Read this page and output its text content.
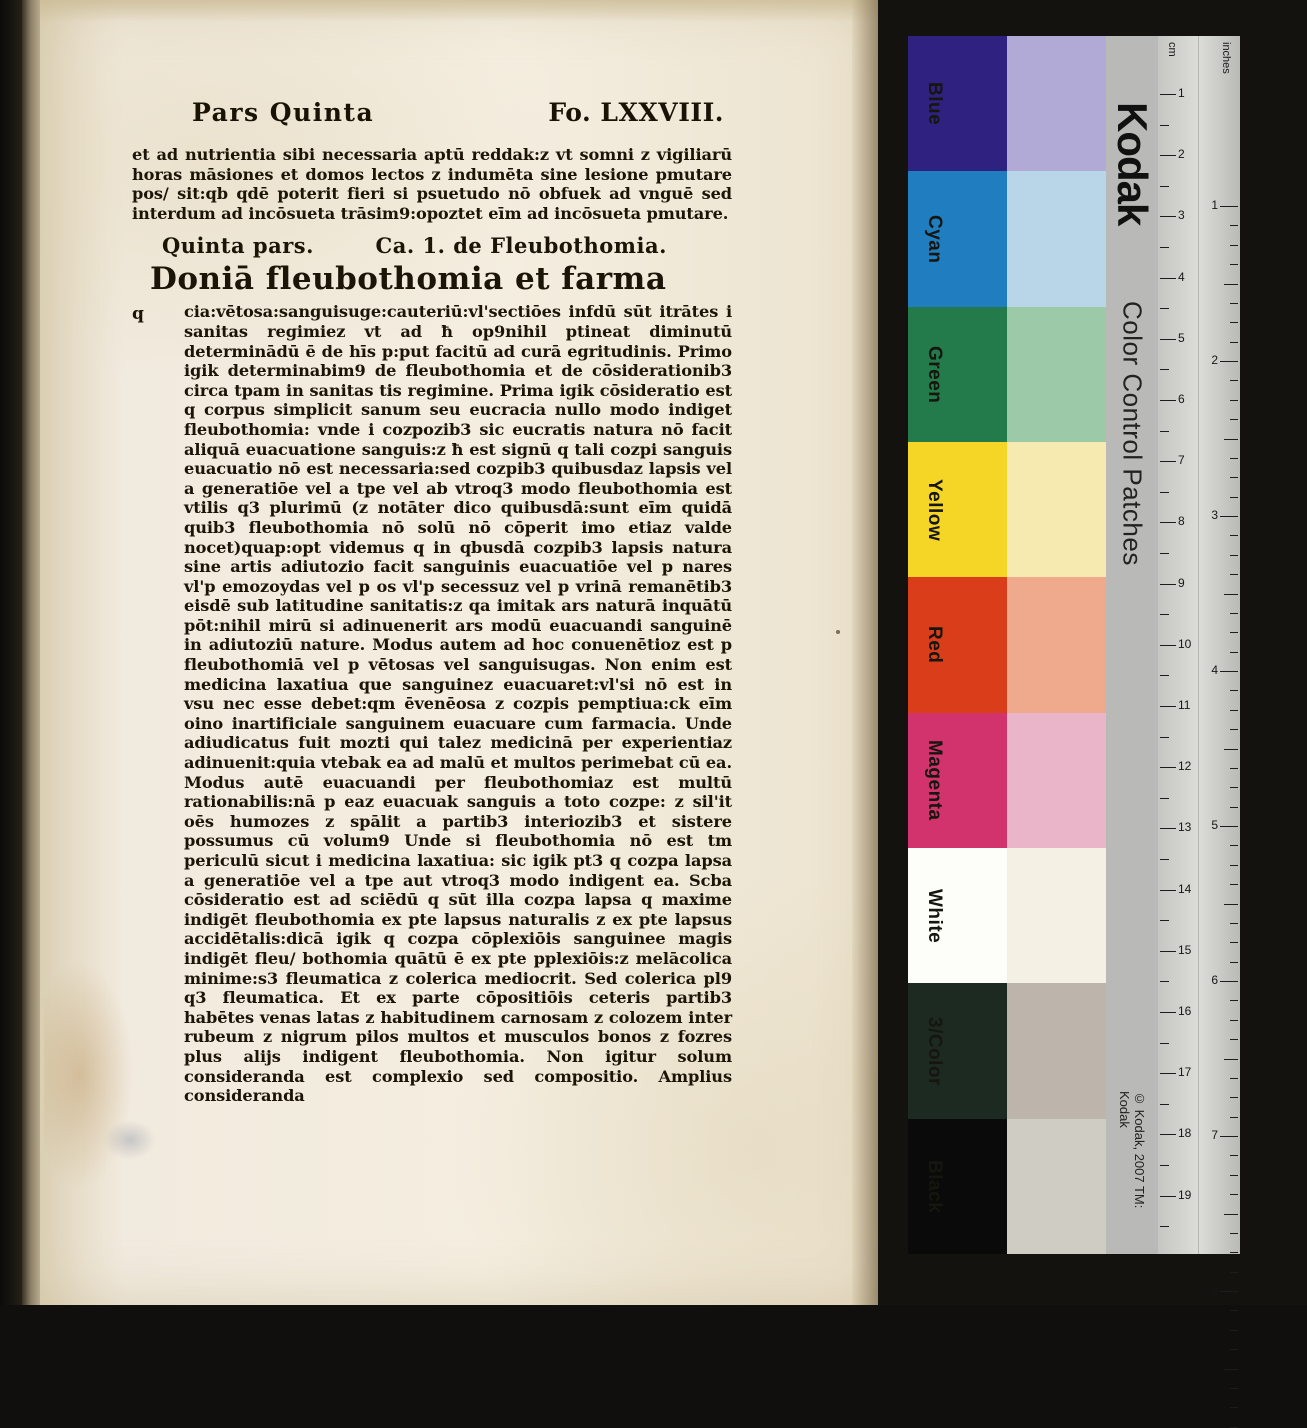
Pars Quinta	Fo. LXXVIII.

et ad nutrientia sibi necessaria aptū reddak:z vt somni z vigiliarū horas māsiones et domos lectos z indumēta sine lesione pmutare pos/ sit:qb qdē poterit fieri si psuetudo nō obfuek ad vnguē sed interdum ad incōsueta trāsim9:opoztet eīm ad incōsueta pmutare.

Quinta pars.	Ca. 1. de Fleubothomia.
Doniā fleubothomia et farma
q	cia:vētosa:sanguisuge:cauteriū:vl'sectiōes infdū sūt itrātes i sanitas regimiez vt ad ħ op9nihil ptineat diminutū determinādū ē de hīs p:put facitū ad curā egritudinis. Primo igik determinabim9 de fleubothomia et de cōsiderationib3 circa tpam in sanitas tis regimine. Prima igik cōsideratio est q corpus simplicit sanum seu eucracia nullo modo indiget fleubothomia: vnde i cozpozib3 sic eucratis natura nō facit aliquā euacuatione sanguis:z ħ est signū q tali cozpi sanguis euacuatio nō est necessaria:sed cozpib3 quibusdaz lapsis vel a generatiōe vel a tpe vel ab vtroq3 modo fleubothomia est vtilis q3 plurimū (z notāter dico quibusdā:sunt eīm quidā quib3 fleubothomia nō solū nō cōperit imo etiaz valde nocet)quap:opt videmus q in qbusdā cozpib3 lapsis natura sine artis adiutozio facit sanguinis euacuatiōe vel p nares vl'p emozoydas vel p os vl'p secessuz vel p vrinā remanētib3 eisdē sub latitudine sanitatis:z qa imitak ars naturā inquātū pōt:nihil mirū si adinuenerit ars modū euacuandi sanguinē in adiutoziū nature. Modus autem ad hoc conuenētioz est p fleubothomiā vel p vētosas vel sanguisugas. Non enim est medicina laxatiua que sanguinez euacuaret:vl'si nō est in vsu nec esse debet:qm ēvenēosa z cozpis pemptiua:ck eīm oino inartificiale sanguinem euacuare cum farmacia. Unde adiudicatus fuit mozti qui talez medicinā per experientiaz adinuenit:quia vtebak ea ad malū et multos perimebat cū ea. Modus autē euacuandi per fleubothomiaz est multū rationabilis:nā p eaz euacuak sanguis a toto cozpe: z sil'it oēs humozes z spālit a partib3 interiozib3 et sistere possumus cū volum9 Unde si fleubothomia nō est tm periculū sicut i medicina laxatiua: sic igik pt3 q cozpa lapsa a generatiōe vel a tpe aut vtroq3 modo indigent ea. Scba cōsideratio est ad sciēdū q sūt illa cozpa lapsa q maxime indigēt fleubothomia ex pte lapsus naturalis z ex pte lapsus accidētalis:dicā igik q cozpa cōplexiōis sanguinee magis indigēt fleu/ bothomia quātū ē ex pte pplexiōis:z melācolica minime:s3 fleumatica z colerica mediocrit. Sed colerica pl9 q3 fleumatica. Et ex parte cōpositiōis ceteris partib3 habētes venas latas z habitudinem carnosam z colozem inter rubeum z nigrum pilos multos et musculos bonos z fozres plus alijs indigent fleubothomia. Non igitur solum consideranda est complexio sed compositio. Amplius consideranda

Blue
Cyan
Green
Yellow
Red
Magenta
White
3/Color
Black
Kodak
Color Control Patches
© Kodak, 2007 TM: Kodak
cm	inches
1
2
3
4
5
6
7
8
9
10
11
12
13
14
15
16
17
18
19
1
2
3
4
5
6
7
8
